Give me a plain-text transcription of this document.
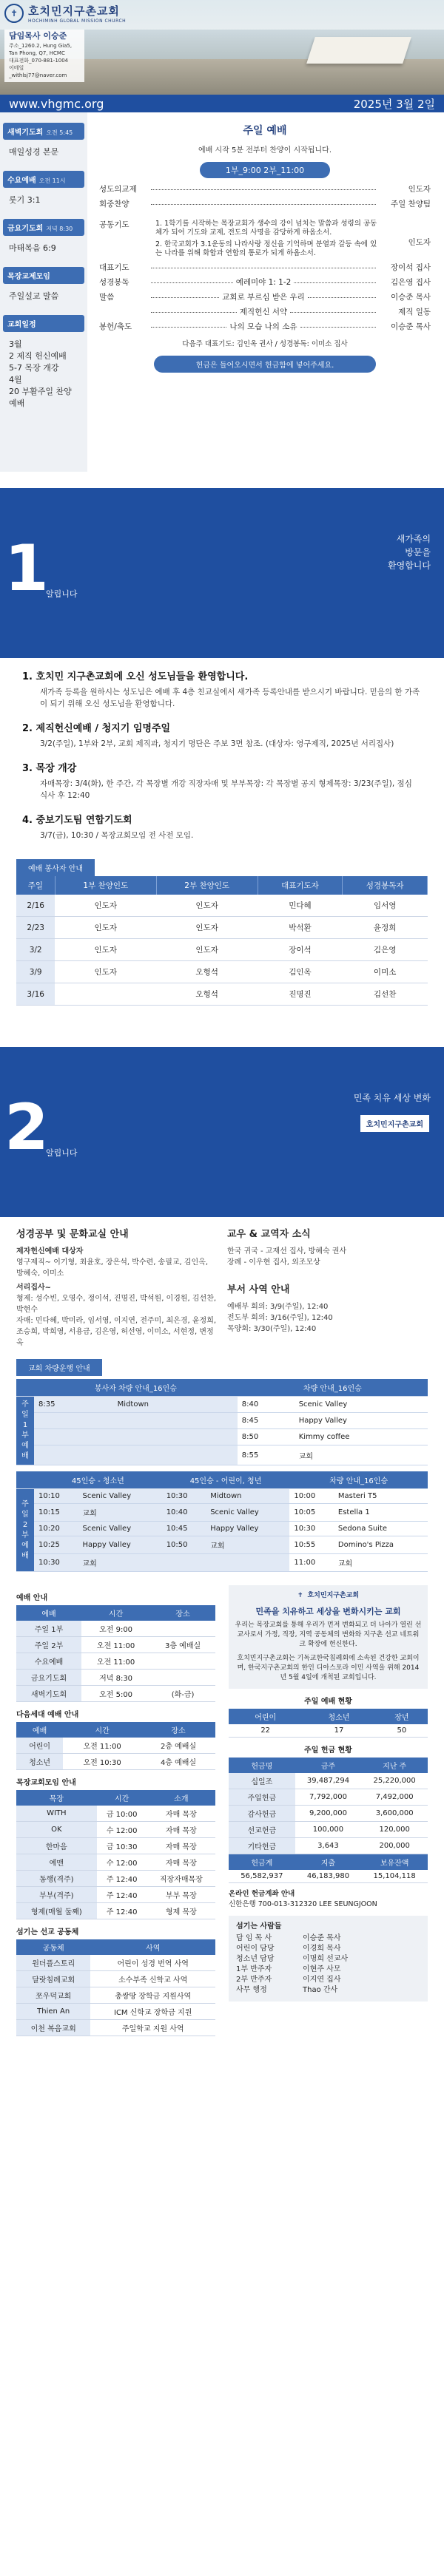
✝ 호치민지구촌교회
HOCHIMINH GLOBAL MISSION CHURCH
담임목사 이승준
주소_1260.2, Hung Gia5,
Tan Phong, Q7, HCMC
대표전화_070-881-1004
이메일_withlsj77@naver.com
www.vhgmc.org	2025년 3월 2일
새벽기도회 오전 5:45
매일성경 본문
수요예배 오전 11시
룻기 3:1
금요기도회 저녁 8:30
마태복음 6:9
목장교제모임
주일설교 말씀
교회일정
3월
2 제직 헌신예배
5-7 목장 개강
4월
20 부활주일 찬양예배
주일 예배
예배 시작 5분 전부터 찬양이 시작됩니다.
1부_9:00 2부_11:00
성도의교제	인도자
회중찬양	주일 찬양팀
공동기도	1. 1학기를 시작하는 목장교회가 생수의 강이 넘치는 말씀과 성령의 공동체가 되어 기도와 교제, 전도의 사명을 감당하게 하옵소서.
2. 한국교회가 3.1운동의 나라사랑 정신을 기억하며 분열과 갈등 속에 있는 나라를 위해 화합과 연합의 통로가 되게 하옵소서.
인도자
대표기도	장이석 집사
성경봉독	예레미야 1: 1-2	김은영 집사
말씀	교회로 부르심 받은 우리	이승준 목사
제직헌신 서약	제직 일동
봉헌/축도	나의 모습 나의 소유	이승준 목사
다음주 대표기도: 김인옥 권사 / 성경봉독: 이미소 집사
헌금은 들어오시면서 헌금함에 넣어주세요.
1
알립니다
새가족의
방문을
환영합니다
1. 호치민 지구촌교회에 오신 성도님들을 환영합니다.

새가족 등록을 원하시는 성도님은 예배 후 4층 친교실에서 새가족 등록안내를 받으시기 바랍니다. 믿음의 한 가족이 되기 위해 오신 성도님을 환영합니다.

2. 제직헌신예배 / 청지기 임명주일

3/2(주일), 1부와 2부, 교회 제직과, 청지기 명단은 주보 3면 참조. (대상자: 영구제직, 2025년 서리집사)

3. 목장 개강

자매목장: 3/4(화), 한 주간, 각 목장별 개강 직장자매 및 부부목장: 각 목장별 공지 형제목장: 3/23(주일), 점심 식사 후 12:40

4. 중보기도팀 연합기도회

3/7(금), 10:30 / 목장교회모임 전 사전 모임.

예배 봉사자 안내
주일	1부 찬양인도	2부 찬양인도	대표기도자	성경봉독자
2/16	인도자	인도자	민다혜	임서영
2/23	인도자	인도자	박석환	윤정희
3/2	인도자	인도자	장이석	김은영
3/9	인도자	오형석	김인옥	이미소
3/16		오형석	진명진	김선찬
2
알립니다
민족 치유 세상 변화
호치민지구촌교회
성경공부 및 문화교실 안내

제자헌신예배 대상자

영구제직~ 이기형, 최윤호, 장은석, 박수련, 송필교, 김인옥, 방혜숙, 이미소

서리집사~

형제: 성수빈, 오영수, 정이석, 진명진, 박석원, 이경원, 김선찬, 박현수

자매: 민다혜, 박미라, 임서영, 이지연, 전주미, 최은경, 윤정희, 조승희, 박희영, 서용금, 김은영, 허선영, 이미소, 서현정, 변정옥

교우 & 교역자 소식

한국 귀국 - 고재선 집사, 방혜숙 권사

장례 - 이우현 집사, 외조모상

부서 사역 안내

예배부 회의: 3/9(주일), 12:40

전도부 회의: 3/16(주일), 12:40

목양회: 3/30(주일), 12:40

교회 차량운행 안내
	봉사자 차량 안내_16인승		차량 안내_16인승	
주일 1부 예배	8:35	Midtown	8:40	Scenic Valley
			8:45	Happy Valley
			8:50	Kimmy coffee
			8:55	교회
	45인승 - 청소년		45인승 - 어린이, 청년		차량 안내_16인승	
주일 2부 예배	10:10	Scenic Valley	10:30	Midtown	10:00	Masteri T5
	10:15	교회	10:40	Scenic Valley	10:05	Estella 1
	10:20	Scenic Valley	10:45	Happy Valley	10:30	Sedona Suite
	10:25	Happy Valley	10:50	교회	10:55	Domino's Pizza
	10:30	교회			11:00	교회
예배 안내
예배	시간	장소
주일 1부	오전 9:00	
주일 2부	오전 11:00	3층 예배실
수요예배	오전 11:00	
금요기도회	저녁 8:30	
새벽기도회	오전 5:00	(화-금)
다음세대 예배 안내
예배	시간	장소
어린이	오전 11:00	2층 예배실
청소년	오전 10:30	4층 예배실
목장교회모임 안내
목장	시간	소개
WITH	금 10:00	자매 목장
OK	수 12:00	자매 목장
한마음	금 10:30	자매 목장
예맨	수 12:00	자매 목장
동행(격주)	주 12:40	직장자매목장
부부(격주)	주 12:40	부부 목장
형제(매월 둘째)	주 12:40	형제 목장
섬기는 선교 공동체
공동체	사역
원더플스토리	어린이 성경 번역 사역
달랏침례교회	소수부족 신학교 사역
쪼우덕교회	총쌍땅 장학금 지원사역
Thien An	ICM 신학교 장학금 지원
이천 복음교회	주일학교 지원 사역
✝ 호치민지구촌교회
민족을 치유하고 세상을 변화시키는 교회
우리는 목장교회를 통해 우리가 먼저 변화되고 더 나아가 열린 선교사로서 가정, 직장, 지역 공동체의 변화와 지구촌 선교 네트워크 확장에 헌신한다.
호치민지구촌교회는 기독교한국침례회에 소속된 건강한 교회이며, 한국지구촌교회의 한인 디아스포라 이민 사역을 위해 2014년 5월 4일에 개척된 교회입니다.
주일 예배 현황
어린이	청소년	장년
22	17	50
주일 헌금 현황
헌금명	금주	지난 주
십일조	39,487,294	25,220,000
주일헌금	7,792,000	7,492,000
감사헌금	9,200,000	3,600,000
선교헌금	100,000	120,000
기타헌금	3,643	200,000
헌금계	지출	보유잔액
56,582,937	46,183,980	15,104,118
온라인 헌금계좌 안내
신한은행 700-013-312320 LEE SEUNGJOON
섬기는 사람들
담 임 목 사	이승준 목사
어린이 담당	이경희 목사
청소년 담당	이명희 선교사
1부 반주자	이현주 사모
2부 반주자	이지연 집사
사무 행정	Thao 간사
